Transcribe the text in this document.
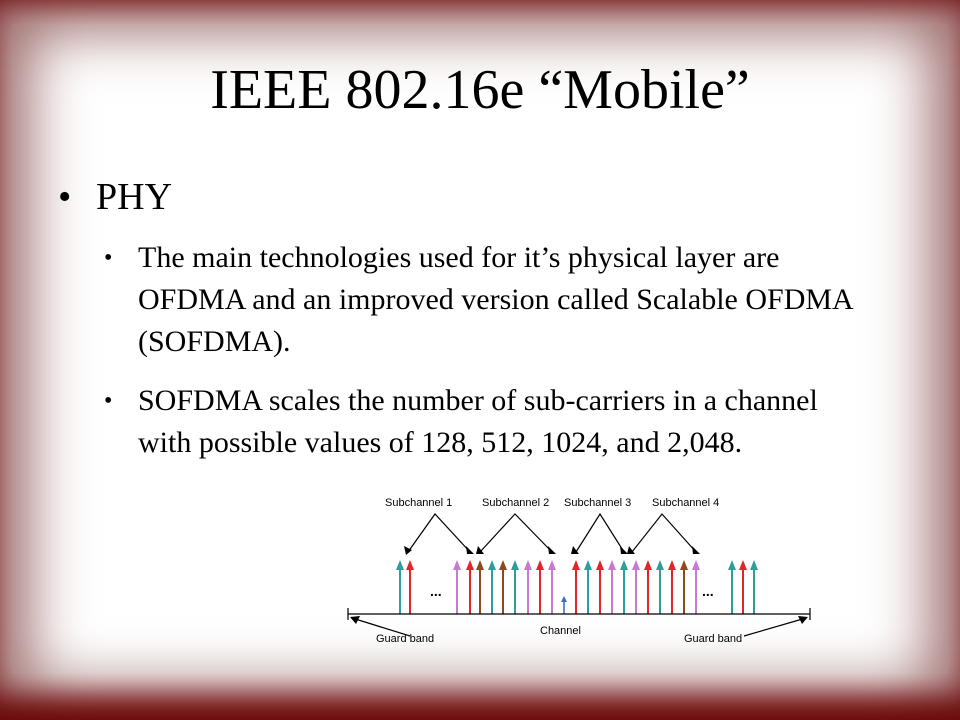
IEEE 802.16e “Mobile”
• PHY
• The main technologies used for it’s physical layer are OFDMA and an improved version called Scalable OFDMA (SOFDMA).
• SOFDMA scales the number of sub-carriers in a channel with possible values of 128, 512, 1024, and 2,048.
Subchannel 1	Subchannel 2 Subchannel 3 Subchannel 4
...	...
Guard band
Channel
Guard band
